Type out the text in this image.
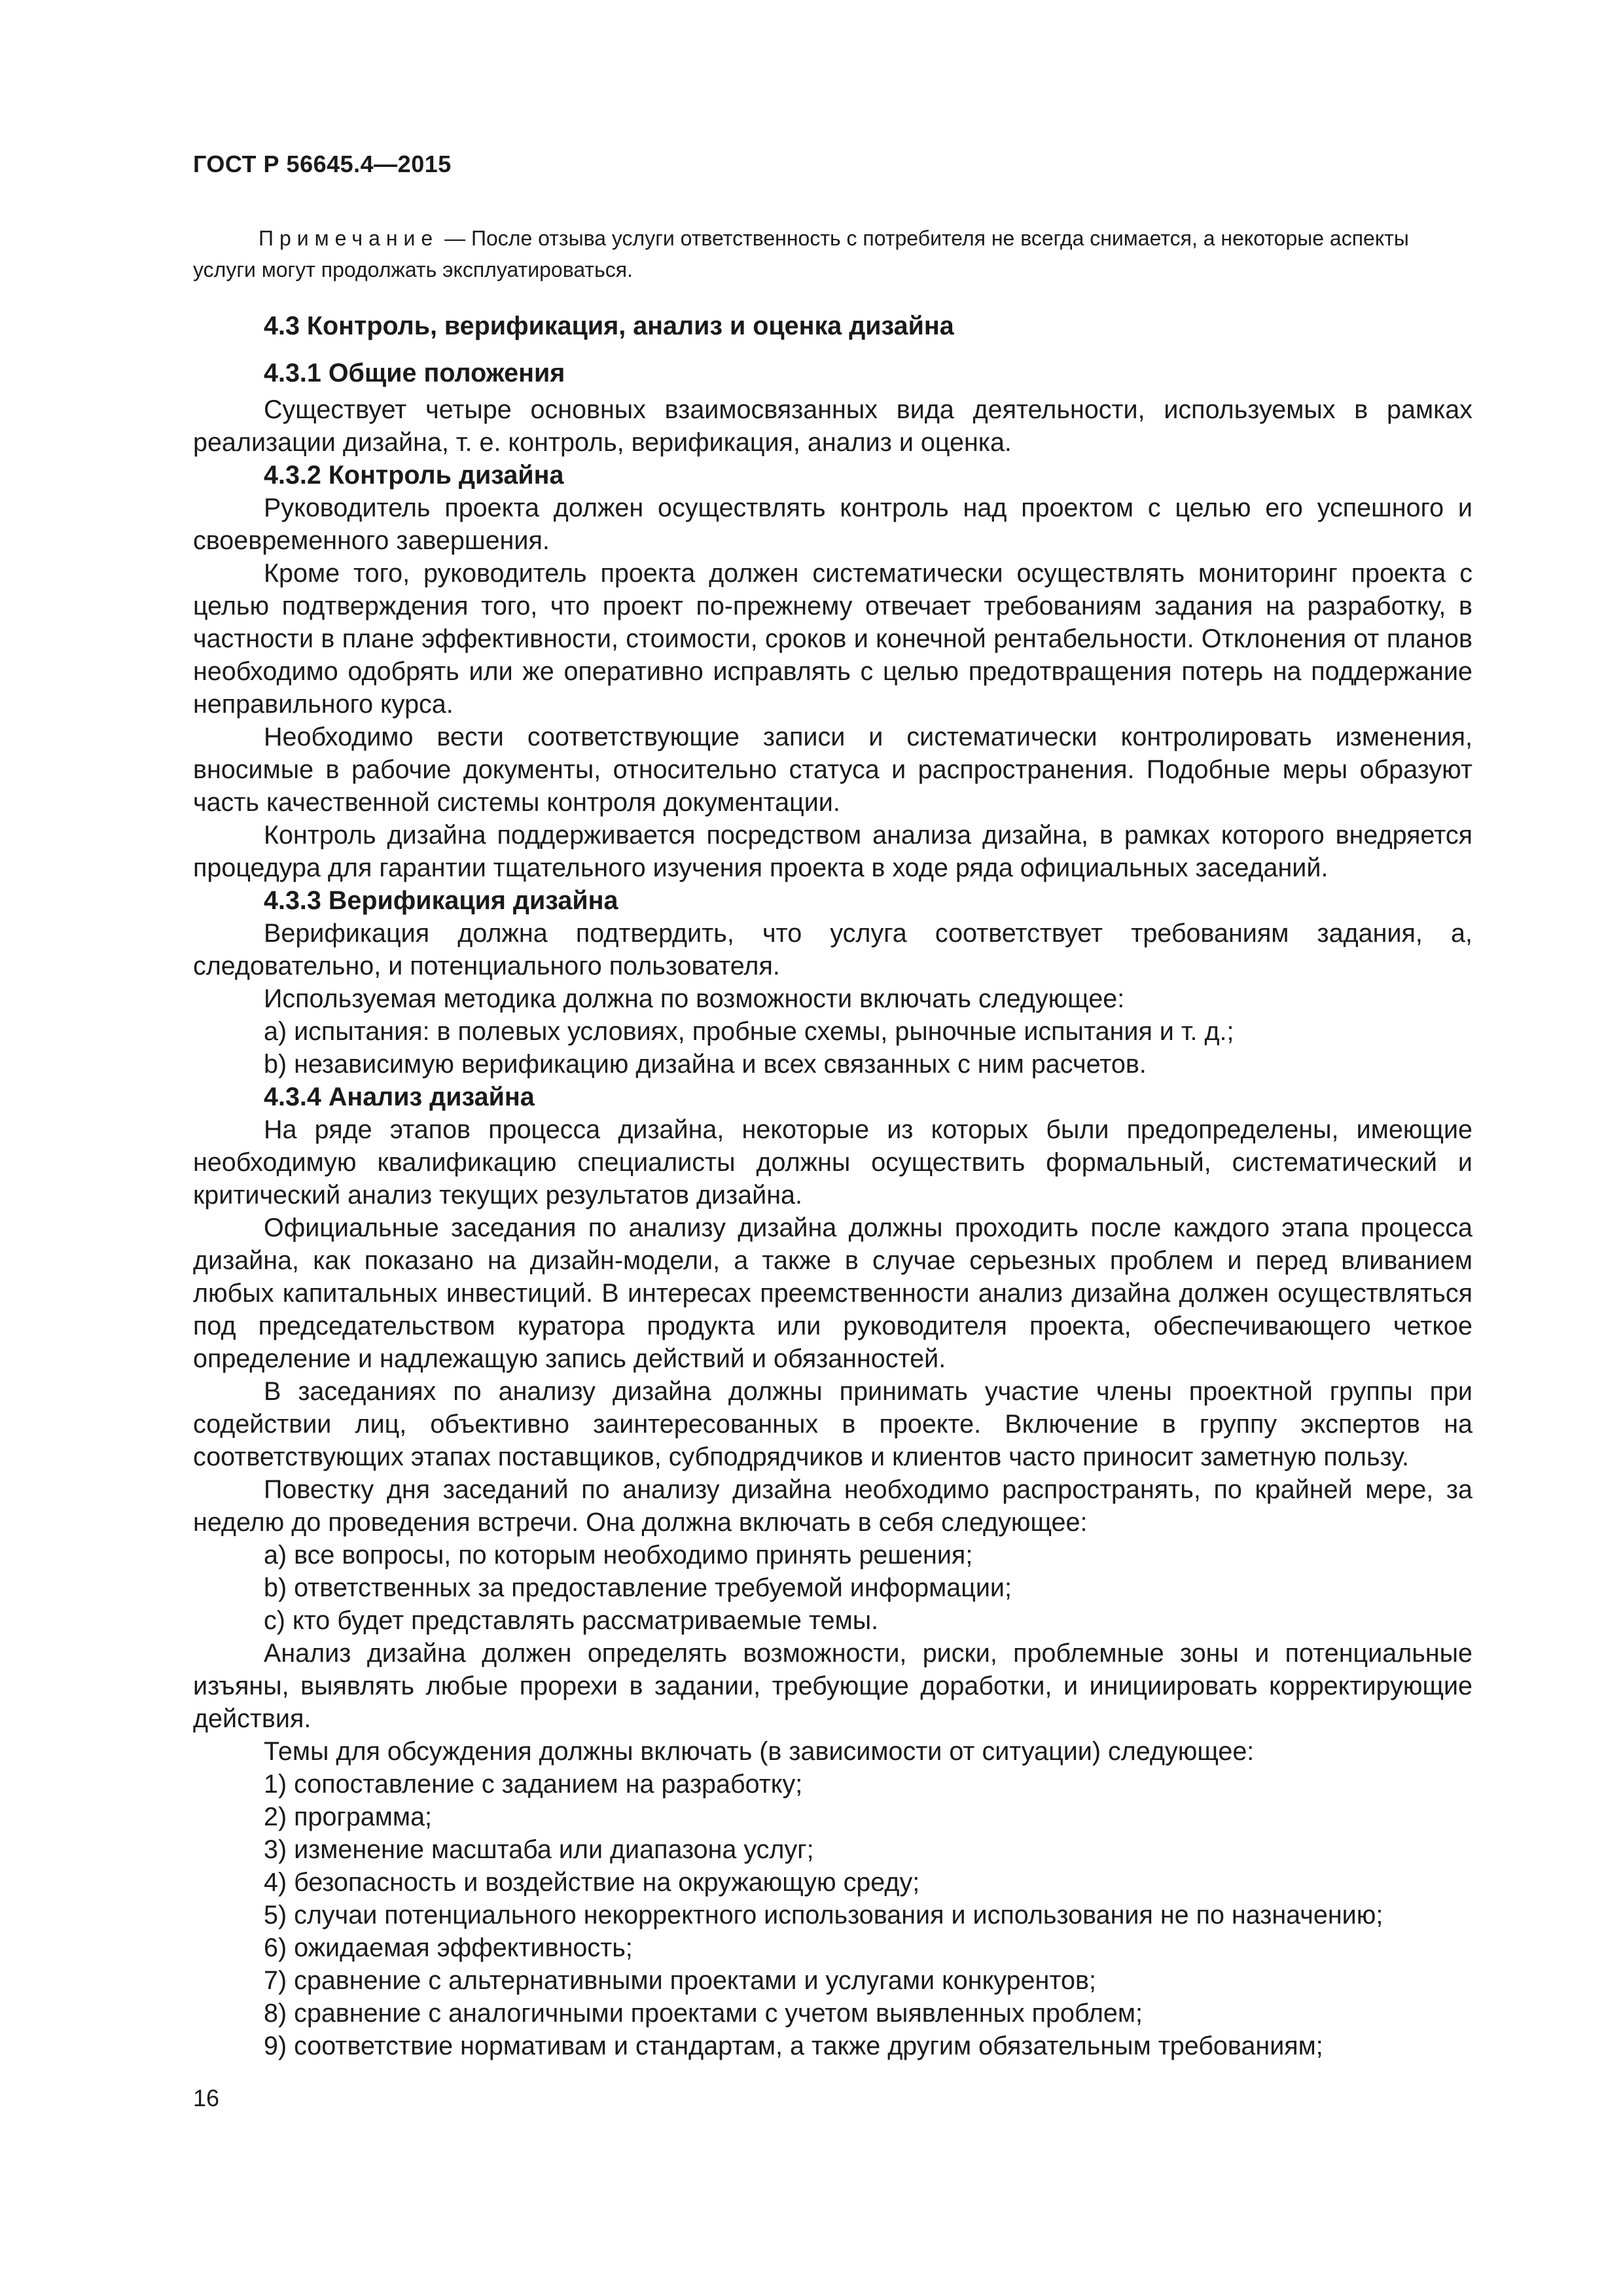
ГОСТ Р 56645.4—2015
Примечание — После отзыва услуги ответственность с потребителя не всегда снимается, а некоторые аспекты услуги могут продолжать эксплуатироваться.

4.3 Контроль, верификация, анализ и оценка дизайна

4.3.1 Общие положения

Существует четыре основных взаимосвязанных вида деятельности, используемых в рамках реализации дизайна, т. е. контроль, верификация, анализ и оценка.

4.3.2 Контроль дизайна

Руководитель проекта должен осуществлять контроль над проектом с целью его успешного и своевременного завершения.

Кроме того, руководитель проекта должен систематически осуществлять мониторинг проекта с целью подтверждения того, что проект по-прежнему отвечает требованиям задания на разработку, в частности в плане эффективности, стоимости, сроков и конечной рентабельности. Отклонения от планов необходимо одобрять или же оперативно исправлять с целью предотвращения потерь на поддержание неправильного курса.

Необходимо вести соответствующие записи и систематически контролировать изменения, вносимые в рабочие документы, относительно статуса и распространения. Подобные меры образуют часть качественной системы контроля документации.

Контроль дизайна поддерживается посредством анализа дизайна, в рамках которого внедряется процедура для гарантии тщательного изучения проекта в ходе ряда официальных заседаний.

4.3.3 Верификация дизайна

Верификация должна подтвердить, что услуга соответствует требованиям задания, а, следовательно, и потенциального пользователя.

Используемая методика должна по возможности включать следующее:

a) испытания: в полевых условиях, пробные схемы, рыночные испытания и т. д.;

b) независимую верификацию дизайна и всех связанных с ним расчетов.

4.3.4 Анализ дизайна

На ряде этапов процесса дизайна, некоторые из которых были предопределены, имеющие необходимую квалификацию специалисты должны осуществить формальный, систематический и критический анализ текущих результатов дизайна.

Официальные заседания по анализу дизайна должны проходить после каждого этапа процесса дизайна, как показано на дизайн-модели, а также в случае серьезных проблем и перед вливанием любых капитальных инвестиций. В интересах преемственности анализ дизайна должен осуществляться под председательством куратора продукта или руководителя проекта, обеспечивающего четкое определение и надлежащую запись действий и обязанностей.

В заседаниях по анализу дизайна должны принимать участие члены проектной группы при содействии лиц, объективно заинтересованных в проекте. Включение в группу экспертов на соответствующих этапах поставщиков, субподрядчиков и клиентов часто приносит заметную пользу.

Повестку дня заседаний по анализу дизайна необходимо распространять, по крайней мере, за неделю до проведения встречи. Она должна включать в себя следующее:

a) все вопросы, по которым необходимо принять решения;

b) ответственных за предоставление требуемой информации;

c) кто будет представлять рассматриваемые темы.

Анализ дизайна должен определять возможности, риски, проблемные зоны и потенциальные изъяны, выявлять любые прорехи в задании, требующие доработки, и инициировать корректирующие действия.

Темы для обсуждения должны включать (в зависимости от ситуации) следующее:

1) сопоставление с заданием на разработку;

2) программа;

3) изменение масштаба или диапазона услуг;

4) безопасность и воздействие на окружающую среду;

5) случаи потенциального некорректного использования и использования не по назначению;

6) ожидаемая эффективность;

7) сравнение с альтернативными проектами и услугами конкурентов;

8) сравнение с аналогичными проектами с учетом выявленных проблем;

9) соответствие нормативам и стандартам, а также другим обязательным требованиям;

16
